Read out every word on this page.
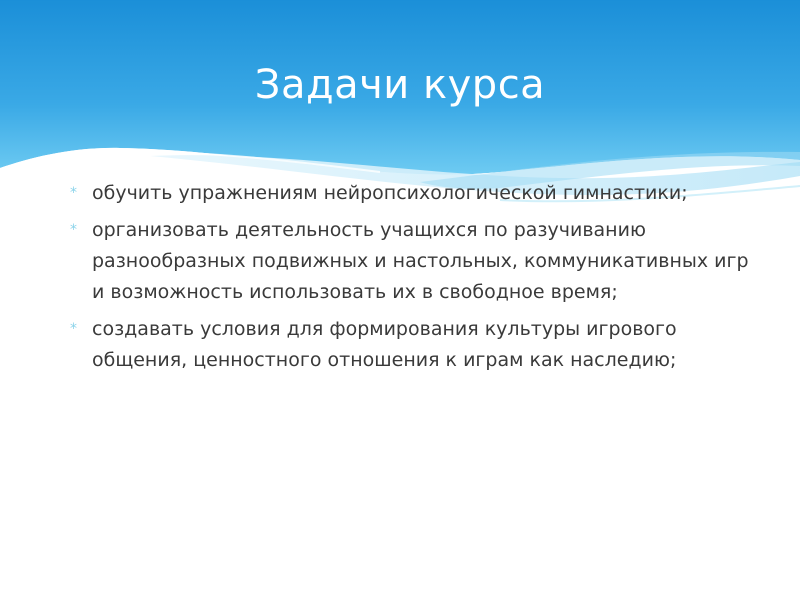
Задачи курса
* обучить упражнениям нейропсихологической гимнастики;
* организовать деятельность учащихся по разучиванию разнообразных подвижных и настольных, коммуникативных игр и возможность использовать их в свободное время;
* создавать условия для формирования культуры игрового общения, ценностного отношения к играм как наследию;
